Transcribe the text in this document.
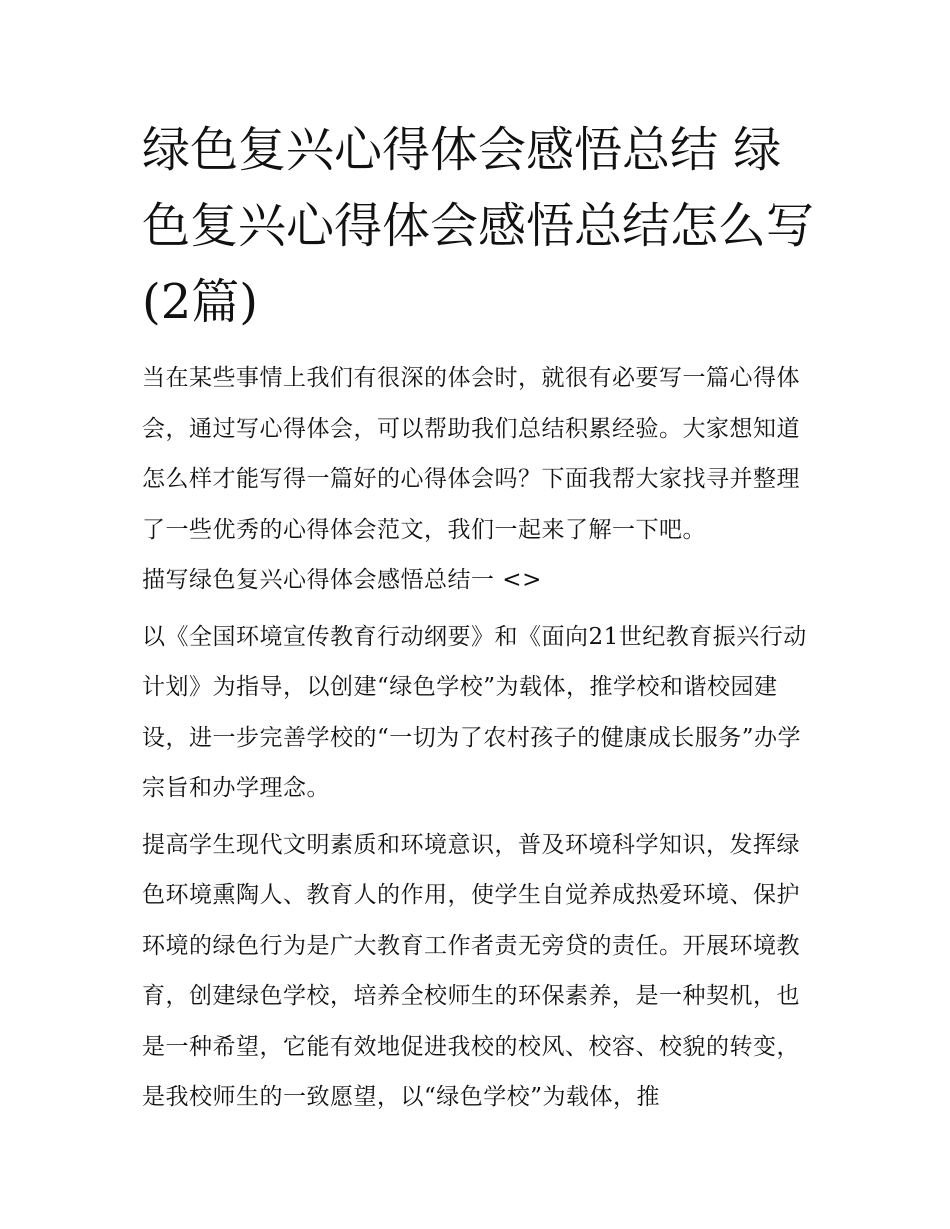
绿色复兴心得体会感悟总结 绿色复兴心得体会感悟总结怎么写(2篇)

当在某些事情上我们有很深的体会时，就很有必要写一篇心得体会，通过写心得体会，可以帮助我们总结积累经验。大家想知道怎么样才能写得一篇好的心得体会吗？下面我帮大家找寻并整理了一些优秀的心得体会范文，我们一起来了解一下吧。

描写绿色复兴心得体会感悟总结一 <>

以《全国环境宣传教育行动纲要》和《面向21世纪教育振兴行动计划》为指导，以创建“绿色学校”为载体，推学校和谐校园建设，进一步完善学校的“一切为了农村孩子的健康成长服务”办学宗旨和办学理念。

提高学生现代文明素质和环境意识，普及环境科学知识，发挥绿色环境熏陶人、教育人的作用，使学生自觉养成热爱环境、保护环境的绿色行为是广大教育工作者责无旁贷的责任。开展环境教育，创建绿色学校，培养全校师生的环保素养，是一种契机，也是一种希望，它能有效地促进我校的校风、校容、校貌的转变，是我校师生的一致愿望，以“绿色学校”为载体，推
